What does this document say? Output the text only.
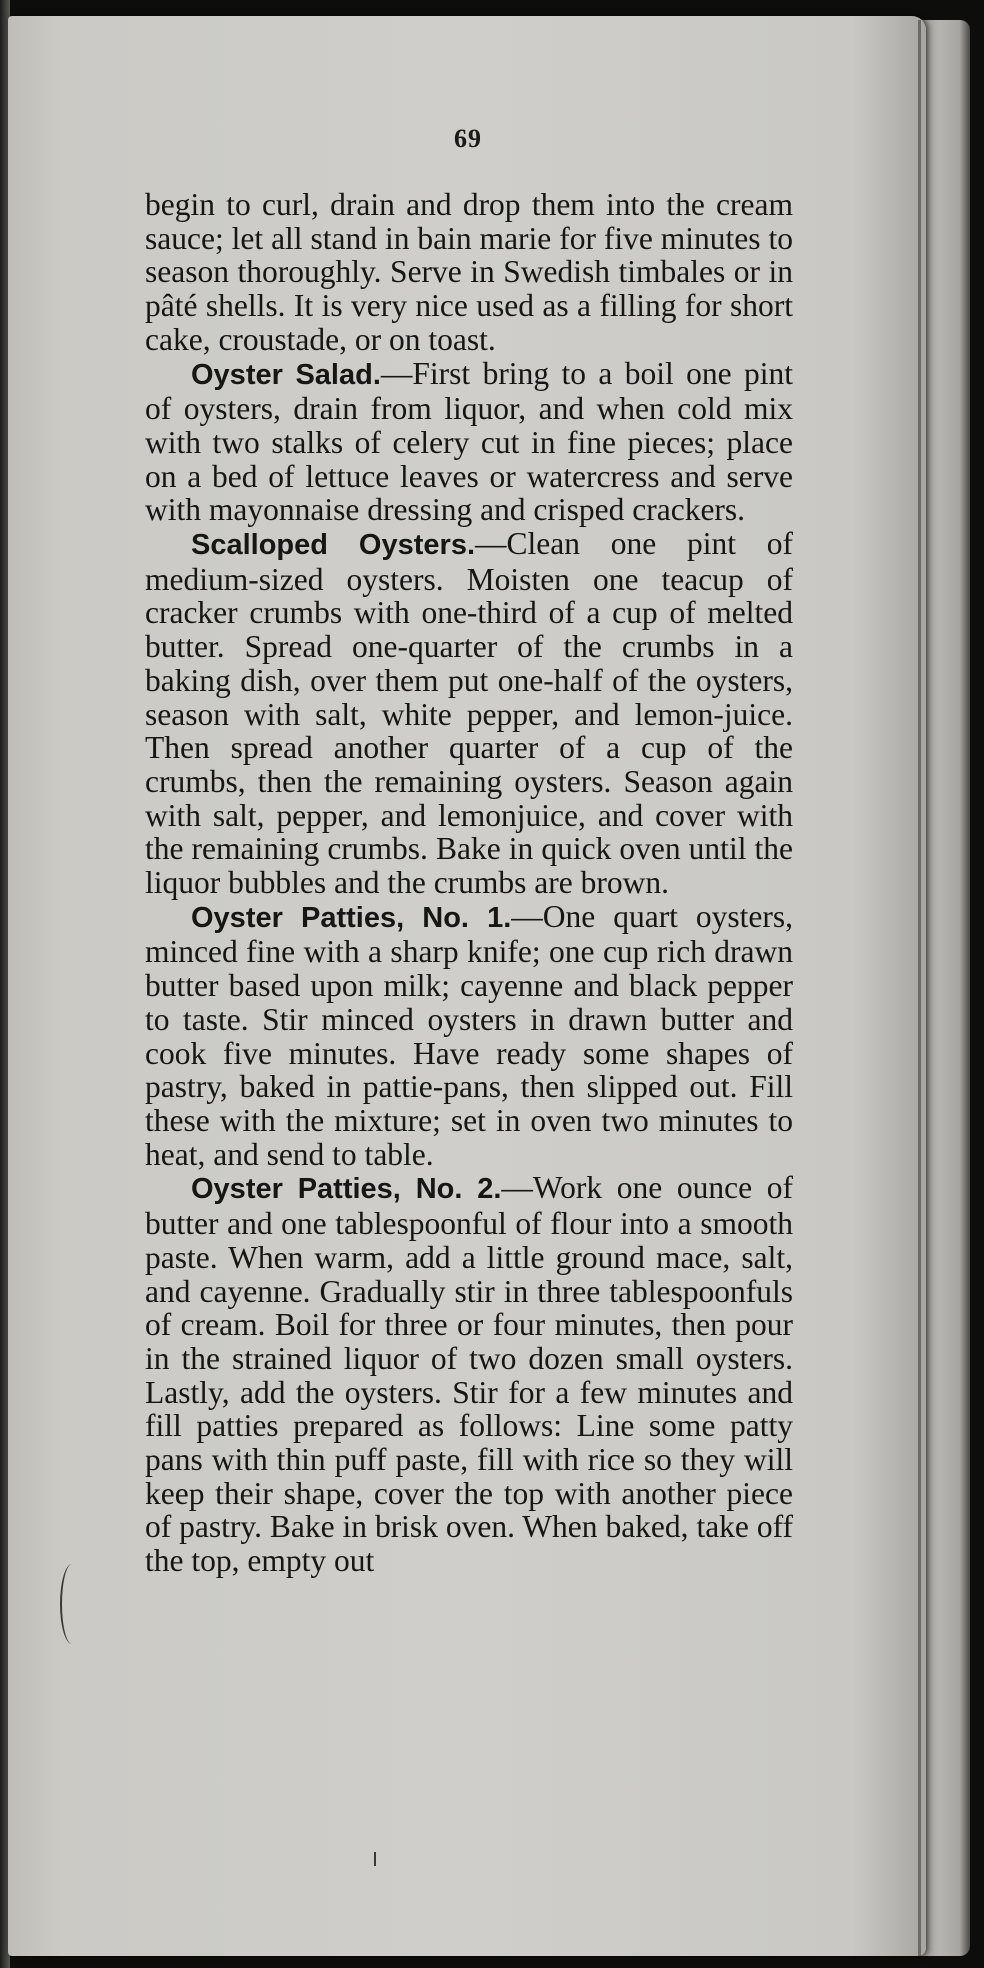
69

begin to curl, drain and drop them into the cream sauce; let all stand in bain marie for five minutes to season thoroughly. Serve in Swedish timbales or in pâté shells. It is very nice used as a filling for short cake, croustade, or on toast.

Oyster Salad.—First bring to a boil one pint of oysters, drain from liquor, and when cold mix with two stalks of celery cut in fine pieces; place on a bed of lettuce leaves or watercress and serve with mayonnaise dressing and crisped crackers.

Scalloped Oysters.—Clean one pint of medium-sized oysters. Moisten one teacup of cracker crumbs with one-third of a cup of melted butter. Spread one-quarter of the crumbs in a baking dish, over them put one-half of the oysters, season with salt, white pepper, and lemon-juice. Then spread another quarter of a cup of the crumbs, then the remaining oysters. Season again with salt, pepper, and lemonjuice, and cover with the remaining crumbs. Bake in quick oven until the liquor bubbles and the crumbs are brown.

Oyster Patties, No. 1.—One quart oysters, minced fine with a sharp knife; one cup rich drawn butter based upon milk; cayenne and black pepper to taste. Stir minced oysters in drawn butter and cook five minutes. Have ready some shapes of pastry, baked in pattie-pans, then slipped out. Fill these with the mixture; set in oven two minutes to heat, and send to table.

Oyster Patties, No. 2.—Work one ounce of butter and one tablespoonful of flour into a smooth paste. When warm, add a little ground mace, salt, and cayenne. Gradually stir in three tablespoonfuls of cream. Boil for three or four minutes, then pour in the strained liquor of two dozen small oysters. Lastly, add the oysters. Stir for a few minutes and fill patties prepared as follows: Line some patty pans with thin puff paste, fill with rice so they will keep their shape, cover the top with another piece of pastry. Bake in brisk oven. When baked, take off the top, empty out
